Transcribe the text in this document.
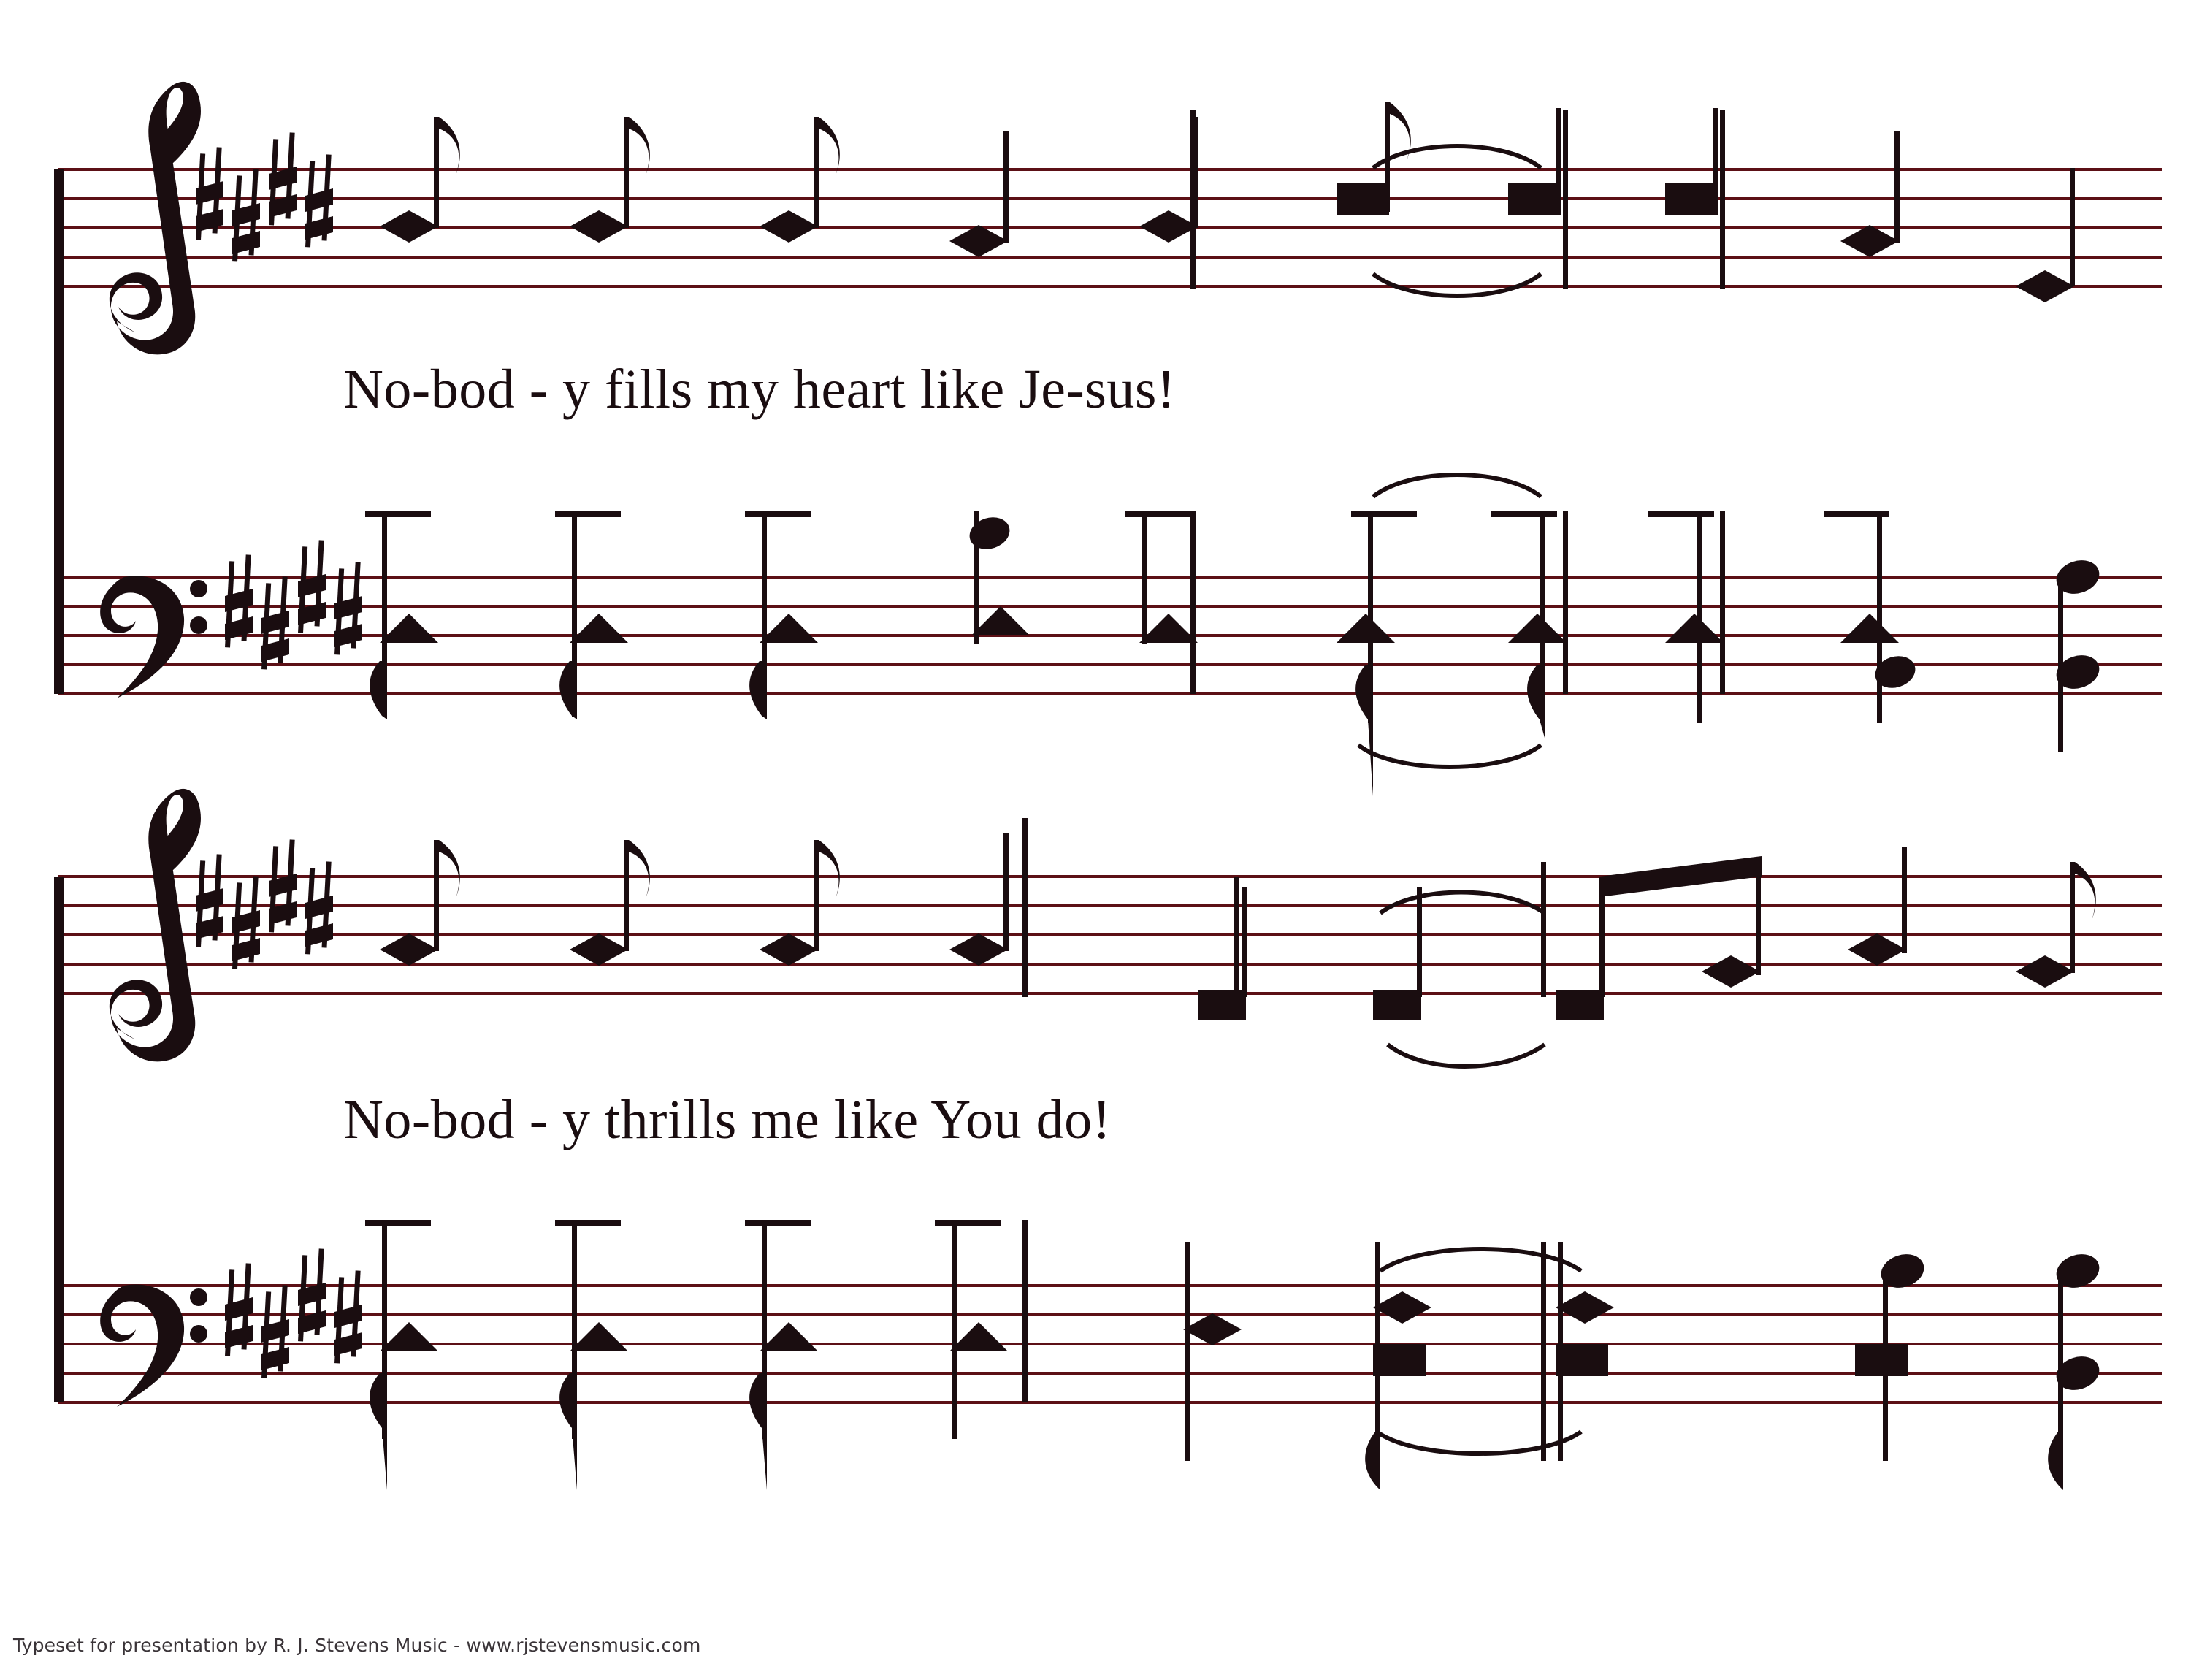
No-bod - y fills my heart like Je-sus!
No-bod - y thrills me like You do!
Typeset for presentation by R. J. Stevens Music - www.rjstevensmusic.com
